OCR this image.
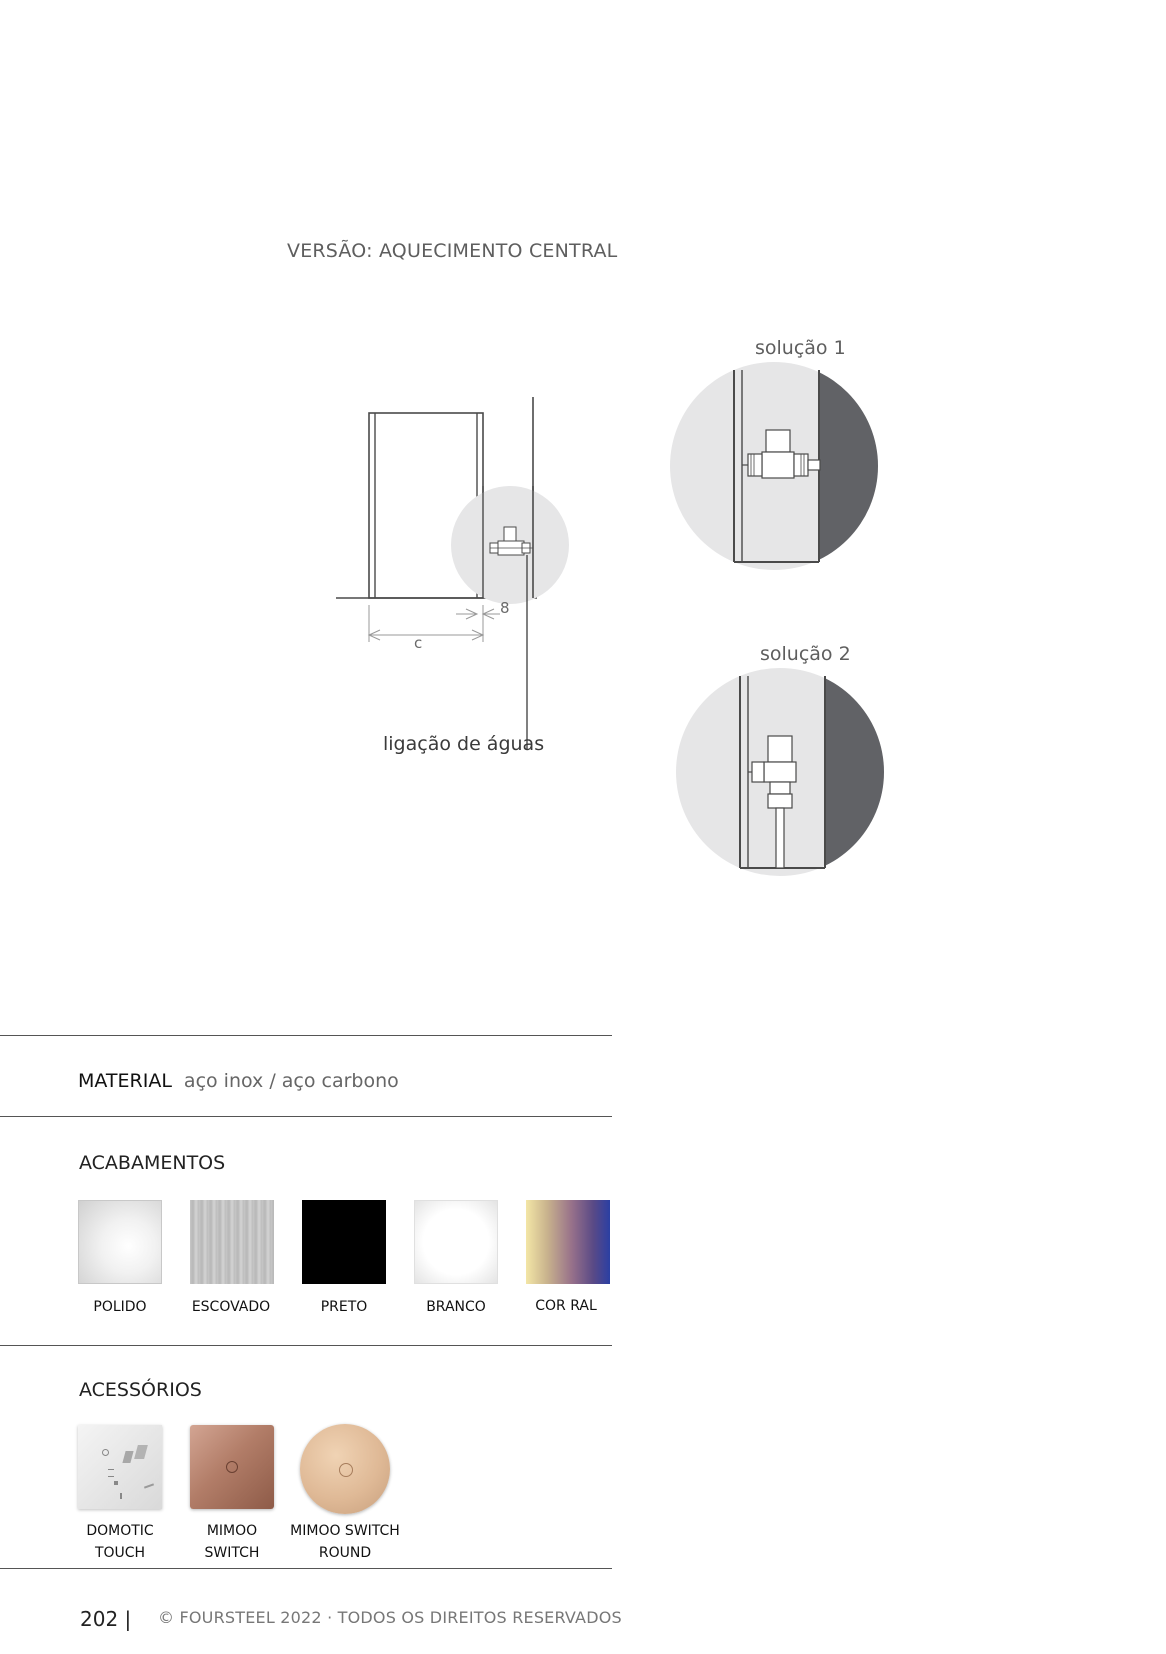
VERSÃO: AQUECIMENTO CENTRAL
8
c
ligação de águas
solução 1
solução 2
MATERIAL aço inox / aço carbono
ACABAMENTOS
POLIDO	ESCOVADO	PRETO	BRANCO	COR RAL
ACESSÓRIOS
DOMOTIC
TOUCH
MIMOO
SWITCH
MIMOO SWITCH
ROUND
202 | © FOURSTEEL 2022 · TODOS OS DIREITOS RESERVADOS
